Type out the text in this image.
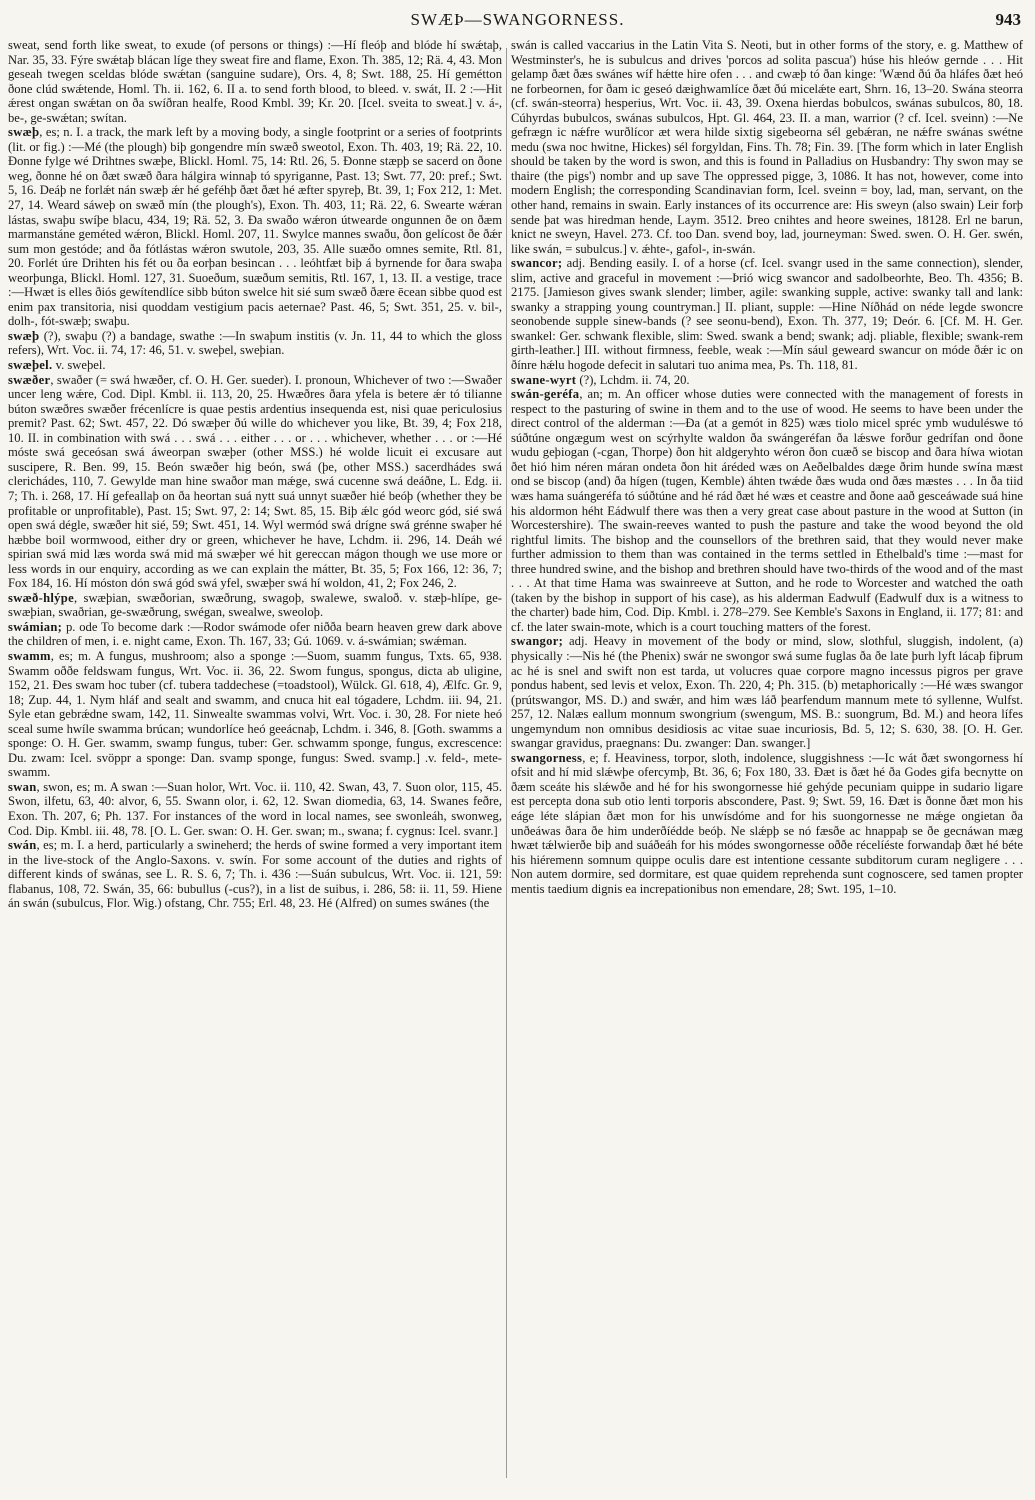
SWÆÞ—SWANGORNESS.	943

sweat, send forth like sweat, to exude (of persons or things) :—Hí fleóþ and blóde hí swǽtaþ, Nar. 35, 33. Fýre swǽtaþ blácan líge they sweat fire and flame, Exon. Th. 385, 12; Rä. 4, 43. Mon geseah twegen sceldas blóde swǽtan (sanguine sudare), Ors. 4, 8; Swt. 188, 25. Hí gemétton ðone clúd swǽtende, Homl. Th. ii. 162, 6. II a. to send forth blood, to bleed. v. swát, II. 2 :—Hit ǽrest ongan swǽtan on ða swíðran healfe, Rood Kmbl. 39; Kr. 20. [Icel. sveita to sweat.] v. á-, be-, ge-swǽtan; swítan.

swæþ, es; n. I. a track, the mark left by a moving body, a single footprint or a series of footprints (lit. or fig.) :—Mé (the plough) biþ gongendre mín swæð sweotol, Exon. Th. 403, 19; Rä. 22, 10. Ðonne fylge wé Drihtnes swæþe, Blickl. Homl. 75, 14: Rtl. 26, 5. Ðonne stæpþ se sacerd on ðone weg, ðonne hé on ðæt swæð ðara hálgira winnaþ tó spyriganne, Past. 13; Swt. 77, 20: pref.; Swt. 5, 16. Deáþ ne forlǽt nán swæþ ǽr hé geféhþ ðæt ðæt hé æfter spyreþ, Bt. 39, 1; Fox 212, 1: Met. 27, 14. Weard sáweþ on swæð mín (the plough's), Exon. Th. 403, 11; Rä. 22, 6. Swearte wǽran lástas, swaþu swíþe blacu, 434, 19; Rä. 52, 3. Ða swaðo wǽron útwearde ongunnen ðe on ðæm marmanstáne geméted wǽron, Blickl. Homl. 207, 11. Swylce mannes swaðu, ðon gelícost ðe ðǽr sum mon gestóde; and ða fótlástas wǽron swutole, 203, 35. Alle suæðo omnes semite, Rtl. 81, 20. Forlét úre Drihten his fét ou ða eorþan besincan . . . leóhtfæt biþ á byrnende for ðara swaþa weorþunga, Blickl. Homl. 127, 31. Suoeðum, suæðum semitis, Rtl. 167, 1, 13. II. a vestige, trace :—Hwæt is elles ðiós gewítendlíce sibb búton swelce hit sié sum swæð ðære ēcean sibbe quod est enim pax transitoria, nisi quoddam vestigium pacis aeternae? Past. 46, 5; Swt. 351, 25. v. bil-, dolh-, fót-swæþ; swaþu.

swæþ (?), swaþu (?) a bandage, swathe :—In swaþum institis (v. Jn. 11, 44 to which the gloss refers), Wrt. Voc. ii. 74, 17: 46, 51. v. sweþel, sweþian.

swæþel. v. sweþel.

swæðer, swaðer (= swá hwæðer, cf. O. H. Ger. sueder). I. pronoun, Whichever of two :—Swaðer uncer leng wǽre, Cod. Dipl. Kmbl. ii. 113, 20, 25. Hwæðres ðara yfela is betere ǽr tó tilianne búton swæðres swæðer frécenlícre is quae pestis ardentius insequenda est, nisi quae periculosius premit? Past. 62; Swt. 457, 22. Dó swæþer ðú wille do whichever you like, Bt. 39, 4; Fox 218, 10. II. in combination with swá . . . swá . . . either . . . or . . . whichever, whether . . . or :—Hé móste swá geceósan swá áweorpan swæþer (other MSS.) hé wolde licuit ei excusare aut suscipere, R. Ben. 99, 15. Beón swæðer hig beón, swá (þe, other MSS.) sacerdhádes swá clerichádes, 110, 7. Gewylde man hine swaðor man mǽge, swá cucenne swá deáðne, L. Edg. ii. 7; Th. i. 268, 17. Hí gefeallaþ on ða heortan suá nytt suá unnyt suæðer hié beóþ (whether they be profitable or unprofitable), Past. 15; Swt. 97, 2: 14; Swt. 85, 15. Biþ ǽlc gód weorc gód, sié swá open swá dégle, swæðer hit sié, 59; Swt. 451, 14. Wyl wermód swá drígne swá grénne swaþer hé hæbbe boil wormwood, either dry or green, whichever he have, Lchdm. ii. 296, 14. Deáh wé spirian swá mid læs worda swá mid má swæþer wé hit gereccan mágon though we use more or less words in our enquiry, according as we can explain the mátter, Bt. 35, 5; Fox 166, 12: 36, 7; Fox 184, 16. Hí móston dón swá gód swá yfel, swæþer swá hí woldon, 41, 2; Fox 246, 2.

swæð-hlýpe, swæþian, swæðorian, swæðrung, swagoþ, swalewe, swaloð. v. stæþ-hlípe, ge-swæþian, swaðrian, ge-swæðrung, swégan, swealwe, sweoloþ.

swámian; p. ode To become dark :—Rodor swámode ofer niðða bearn heaven grew dark above the children of men, i. e. night came, Exon. Th. 167, 33; Gú. 1069. v. á-swámian; swǽman.

swamm, es; m. A fungus, mushroom; also a sponge :—Suom, suamm fungus, Txts. 65, 938. Swamm oððe feldswam fungus, Wrt. Voc. ii. 36, 22. Swom fungus, spongus, dicta ab uligine, 152, 21. Ðes swam hoc tuber (cf. tubera taddechese (=toadstool), Wülck. Gl. 618, 4), Ælfc. Gr. 9, 18; Zup. 44, 1. Nym hláf and sealt and swamm, and cnuca hit eal tógadere, Lchdm. iii. 94, 21. Syle etan gebrǽdne swam, 142, 11. Sinwealte swammas volvi, Wrt. Voc. i. 30, 28. For niete heó sceal sume hwíle swamma brúcan; wundorlíce heó geeácnaþ, Lchdm. i. 346, 8. [Goth. swamms a sponge: O. H. Ger. swamm, swamp fungus, tuber: Ger. schwamm sponge, fungus, excrescence: Du. zwam: Icel. svöppr a sponge: Dan. svamp sponge, fungus: Swed. svamp.] .v. feld-, mete-swamm.

swan, swon, es; m. A swan :—Suan holor, Wrt. Voc. ii. 110, 42. Swan, 43, 7. Suon olor, 115, 45. Swon, ilfetu, 63, 40: alvor, 6, 55. Swann olor, i. 62, 12. Swan diomedia, 63, 14. Swanes feðre, Exon. Th. 207, 6; Ph. 137. For instances of the word in local names, see swonleáh, swonweg, Cod. Dip. Kmbl. iii. 48, 78. [O. L. Ger. swan: O. H. Ger. swan; m., swana; f. cygnus: Icel. svanr.]

swán, es; m. I. a herd, particularly a swineherd; the herds of swine formed a very important item in the live-stock of the Anglo-Saxons. v. swín. For some account of the duties and rights of different kinds of swánas, see L. R. S. 6, 7; Th. i. 436 :—Suán subulcus, Wrt. Voc. ii. 121, 59: flabanus, 108, 72. Swán, 35, 66: bubullus (-cus?), in a list de suibus, i. 286, 58: ii. 11, 59. Hiene án swán (subulcus, Flor. Wig.) ofstang, Chr. 755; Erl. 48, 23. Hé (Alfred) on sumes swánes (the

swán is called vaccarius in the Latin Vita S. Neoti, but in other forms of the story, e. g. Matthew of Westminster's, he is subulcus and drives 'porcos ad solita pascua') húse his hleów gernde . . . Hit gelamp ðæt ðæs swánes wíf hǽtte hire ofen . . . and cwæþ tó ðan kinge: 'Wænd ðú ða hláfes ðæt heó ne forbeornen, for ðam ic geseó dæighwamlíce ðæt ðú micelǽte eart, Shrn. 16, 13–20. Swána steorra (cf. swán-steorra) hesperius, Wrt. Voc. ii. 43, 39. Oxena hierdas bobulcos, swánas subulcos, 80, 18. Cúhyrdas bubulcos, swánas subulcos, Hpt. Gl. 464, 23. II. a man, warrior (? cf. Icel. sveinn) :—Ne gefrægn ic nǽfre wurðlícor æt wera hilde sixtig sigebeorna sél gebǽran, ne nǽfre swánas swétne medu (swa noc hwitne, Hickes) sél forgyldan, Fins. Th. 78; Fin. 39. [The form which in later English should be taken by the word is swon, and this is found in Palladius on Husbandry: Thy swon may se thaire (the pigs') nombr and up save The oppressed pigge, 3, 1086. It has not, however, come into modern English; the corresponding Scandinavian form, Icel. sveinn = boy, lad, man, servant, on the other hand, remains in swain. Early instances of its occurrence are: His sweyn (also swain) Leir forþ sende þat was hiredman hende, Laym. 3512. Þreo cnihtes and heore sweines, 18128. Erl ne barun, knict ne sweyn, Havel. 273. Cf. too Dan. svend boy, lad, journeyman: Swed. swen. O. H. Ger. swén, like swán, = subulcus.] v. ǽhte-, gafol-, in-swán.

swancor; adj. Bending easily. I. of a horse (cf. Icel. svangr used in the same connection), slender, slim, active and graceful in movement :—Þrió wicg swancor and sadolbeorhte, Beo. Th. 4356; B. 2175. [Jamieson gives swank slender; limber, agile: swanking supple, active: swanky tall and lank: swanky a strapping young countryman.] II. pliant, supple: —Hine Níðhád on néde legde swoncre seonobende supple sinew-bands (? see seonu-bend), Exon. Th. 377, 19; Deór. 6. [Cf. M. H. Ger. swankel: Ger. schwank flexible, slim: Swed. swank a bend; swank; adj. pliable, flexible; swank-rem girth-leather.] III. without firmness, feeble, weak :—Mín sául geweard swancur on móde ðǽr ic on ðínre hǽlu hogode defecit in salutari tuo anima mea, Ps. Th. 118, 81.

swane-wyrt (?), Lchdm. ii. 74, 20.

swán-geréfa, an; m. An officer whose duties were connected with the management of forests in respect to the pasturing of swine in them and to the use of wood. He seems to have been under the direct control of the alderman :—Ða (at a gemót in 825) wæs tiolo micel spréc ymb wuduléswe tó súðtúne ongægum west on scýrhylte waldon ða swángeréfan ða lǽswe forður gedrífan ond ðone wudu geþiogan (-cgan, Thorpe) ðon hit aldgeryhto wéron ðon cuæð se biscop and ðara híwa wiotan ðet hió him néren máran ondeta ðon hit áréded wæs on Aeðelbaldes dæge ðrim hunde swína mæst ond se biscop (and) ða hígen (tugen, Kemble) áhten twǽde ðæs wuda ond ðæs mæstes . . . In ða tiid wæs hama suángeréfa tó súðtúne and hé rád ðæt hé wæs et ceastre and ðone aað gesceáwade suá hine his aldormon héht Eádwulf there was then a very great case about pasture in the wood at Sutton (in Worcestershire). The swain-reeves wanted to push the pasture and take the wood beyond the old rightful limits. The bishop and the counsellors of the brethren said, that they would never make further admission to them than was contained in the terms settled in Ethelbald's time :—mast for three hundred swine, and the bishop and brethren should have two-thirds of the wood and of the mast . . . At that time Hama was swainreeve at Sutton, and he rode to Worcester and watched the oath (taken by the bishop in support of his case), as his alderman Eadwulf (Eadwulf dux is a witness to the charter) bade him, Cod. Dip. Kmbl. i. 278–279. See Kemble's Saxons in England, ii. 177; 81: and cf. the later swain-mote, which is a court touching matters of the forest.

swangor; adj. Heavy in movement of the body or mind, slow, slothful, sluggish, indolent, (a) physically :—Nis hé (the Phenix) swár ne swongor swá sume fuglas ða ðe late þurh lyft lácaþ fiþrum ac hé is snel and swift non est tarda, ut volucres quae corpore magno incessus pigros per grave pondus habent, sed levis et velox, Exon. Th. 220, 4; Ph. 315. (b) metaphorically :—Hé wæs swangor (prútswangor, MS. D.) and swǽr, and him wæs láð þearfendum mannum mete tó syllenne, Wulfst. 257, 12. Nalæs eallum monnum swongrium (swengum, MS. B.: suongrum, Bd. M.) and heora lífes ungemyndum non omnibus desidiosis ac vitae suae incuriosis, Bd. 5, 12; S. 630, 38. [O. H. Ger. swangar gravidus, praegnans: Du. zwanger: Dan. swanger.]

swangorness, e; f. Heaviness, torpor, sloth, indolence, sluggishness :—Ic wát ðæt swongorness hí ofsit and hí mid slǽwþe ofercymþ, Bt. 36, 6; Fox 180, 33. Ðæt is ðæt hé ða Godes gifa becnytte on ðæm sceáte his slǽwðe and hé for his swongornesse hié gehýde pecuniam quippe in sudario ligare est percepta dona sub otio lenti torporis abscondere, Past. 9; Swt. 59, 16. Ðæt is ðonne ðæt mon his eáge léte slápian ðæt mon for his unwísdóme and for his suongornesse ne mǽge ongietan ða unðeáwas ðara ðe him underðíédde beóþ. Ne slǽpþ se nó fæsðe ac hnappaþ se ðe gecnáwan mæg hwæt tǽlwierðe biþ and suáðeáh for his módes swongornesse oððe récelíéste forwandaþ ðæt hé béte his hiéremenn somnum quippe oculis dare est intentione cessante subditorum curam negligere . . . Non autem dormire, sed dormitare, est quae quidem reprehenda sunt cognoscere, sed tamen propter mentis taedium dignis ea increpationibus non emendare, 28; Swt. 195, 1–10.
